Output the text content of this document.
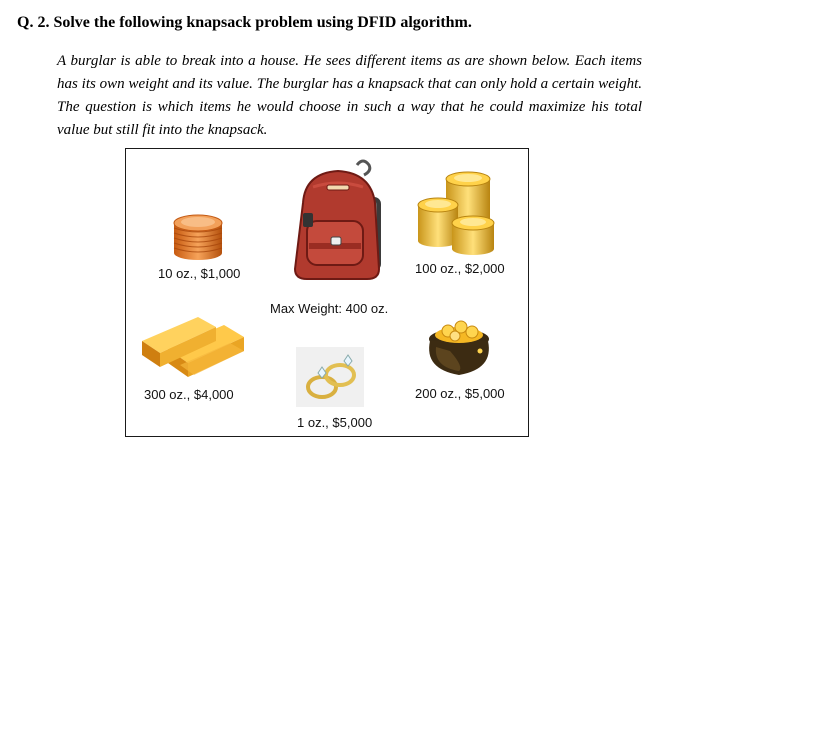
Q. 2. Solve the following knapsack problem using DFID algorithm.

A burglar is able to break into a house. He sees different items as are shown below. Each items has its own weight and its value. The burglar has a knapsack that can only hold a certain weight. The question is which items he would choose in such a way that he could maximize his total value but still fit into the knapsack.

10 oz., $1,000

Max Weight: 400 oz.

100 oz., $2,000

300 oz., $4,000	200 oz., $5,000

1 oz., $5,000
